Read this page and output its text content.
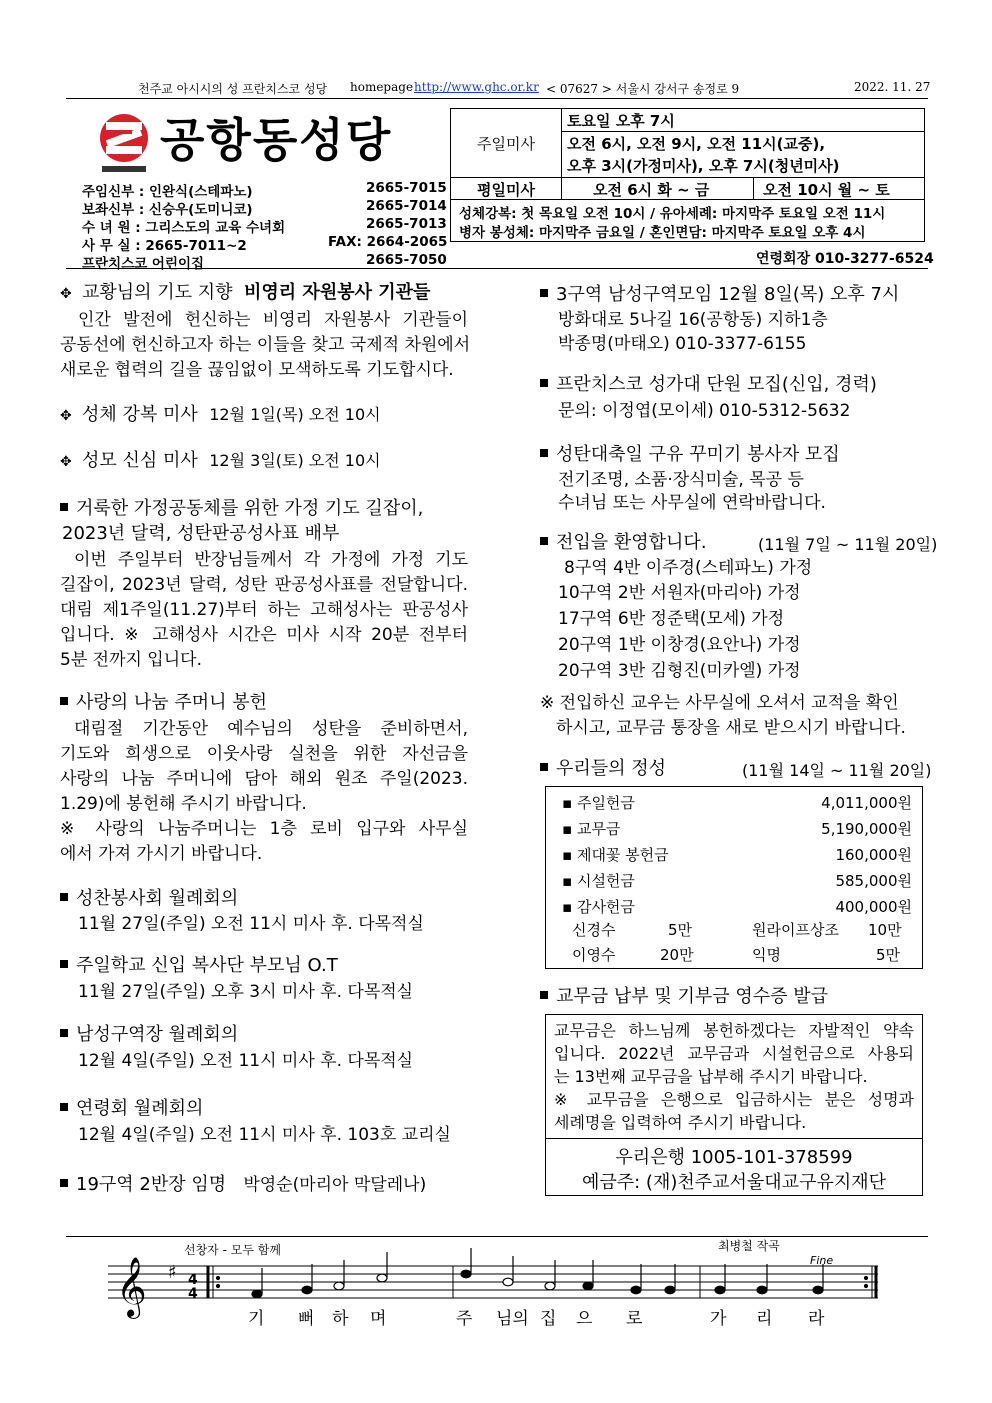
천주교 아시시의 성 프란치스코 성당 homepage http://www.ghc.or.kr < 07627 > 서울시 강서구 송정로 9	2022. 11. 27
공항동성당
주임신부 : 인완식(스테파노)	2665-7015
보좌신부 : 신승우(도미니코)	2665-7014
수 녀 원 : 그리스도의 교육 수녀회	2665-7013
사 무 실 : 2665-7011~2	FAX: 2664-2065
프란치스코 어린이집	2665-7050
주일미사
토요일 오후 7시
오전 6시, 오전 9시, 오전 11시(교중),
오후 3시(가정미사), 오후 7시(청년미사)
평일미사	오전 6시 화 ~ 금	오전 10시 월 ~ 토
성체강복: 첫 목요일 오전 10시 / 유아세례: 마지막주 토요일 오전 11시
병자 봉성체: 마지막주 금요일 / 혼인면담: 마지막주 토요일 오후 4시
연령회장 010-3277-6524
✥ 교황님의 기도 지향 비영리 자원봉사 기관들
인간 발전에 헌신하는 비영리 자원봉사 기관들이
공동선에 헌신하고자 하는 이들을 찾고 국제적 차원에서
새로운 협력의 길을 끊임없이 모색하도록 기도합시다.
✥ 성체 강복 미사 12월 1일(목) 오전 10시
✥ 성모 신심 미사 12월 3일(토) 오전 10시
거룩한 가정공동체를 위한 가정 기도 길잡이,
2023년 달력, 성탄판공성사표 배부
이번 주일부터 반장님들께서 각 가정에 가정 기도
길잡이, 2023년 달력, 성탄 판공성사표를 전달합니다.
대림 제1주일(11.27)부터 하는 고해성사는 판공성사
입니다. ※ 고해성사 시간은 미사 시작 20분 전부터
5분 전까지 입니다.
사랑의 나눔 주머니 봉헌
대림절 기간동안 예수님의 성탄을 준비하면서,
기도와 희생으로 이웃사랑 실천을 위한 자선금을
사랑의 나눔 주머니에 담아 해외 원조 주일(2023.
1.29)에 봉헌해 주시기 바랍니다.
※ 사랑의 나눔주머니는 1층 로비 입구와 사무실
에서 가져 가시기 바랍니다.
성찬봉사회 월례회의
11월 27일(주일) 오전 11시 미사 후. 다목적실
주일학교 신입 복사단 부모님 O.T
11월 27일(주일) 오후 3시 미사 후. 다목적실
남성구역장 월례회의
12월 4일(주일) 오전 11시 미사 후. 다목적실
연령회 월례회의
12월 4일(주일) 오전 11시 미사 후. 103호 교리실
19구역 2반장 임명 박영순(마리아 막달레나)
3구역 남성구역모임 12월 8일(목) 오후 7시
방화대로 5나길 16(공항동) 지하1층
박종명(마태오) 010-3377-6155
프란치스코 성가대 단원 모집(신입, 경력)
문의: 이정엽(모이세) 010-5312-5632
성탄대축일 구유 꾸미기 봉사자 모집
전기조명, 소품·장식미술, 목공 등
수녀님 또는 사무실에 연락바랍니다.
전입을 환영합니다.	(11월 7일 ~ 11월 20일)
8구역 4반 이주경(스테파노) 가정
10구역 2반 서원자(마리아) 가정
17구역 6반 정준택(모세) 가정
20구역 1반 이창경(요안나) 가정
20구역 3반 김형진(미카엘) 가정
※ 전입하신 교우는 사무실에 오셔서 교적을 확인
하시고, 교무금 통장을 새로 받으시기 바랍니다.
우리들의 정성	(11월 14일 ~ 11월 20일)
교무금 납부 및 기부금 영수증 발급
▪ 주일헌금	4,011,000원
▪ 교무금	5,190,000원
▪ 제대꽃 봉헌금	160,000원
▪ 시설헌금	585,000원
▪ 감사헌금	400,000원
신경수	5만	원라이프상조 10만
이영수	20만	익명	5만
교무금은 하느님께 봉헌하겠다는 자발적인 약속
입니다. 2022년 교무금과 시설헌금으로 사용되
는 13번째 교무금을 납부해 주시기 바랍니다.
※ 교무금을 은행으로 입금하시는 분은 성명과
세례명을 입력하여 주시기 바랍니다.
우리은행 1005-101-378599
예금주: (재)천주교서울대교구유지재단
선창자 - 모두 함께	최병철 작곡
Fine
𝄞 ♯ 4
4
기 뻐 하 며	주 님의 집 으 로	가 리 라
